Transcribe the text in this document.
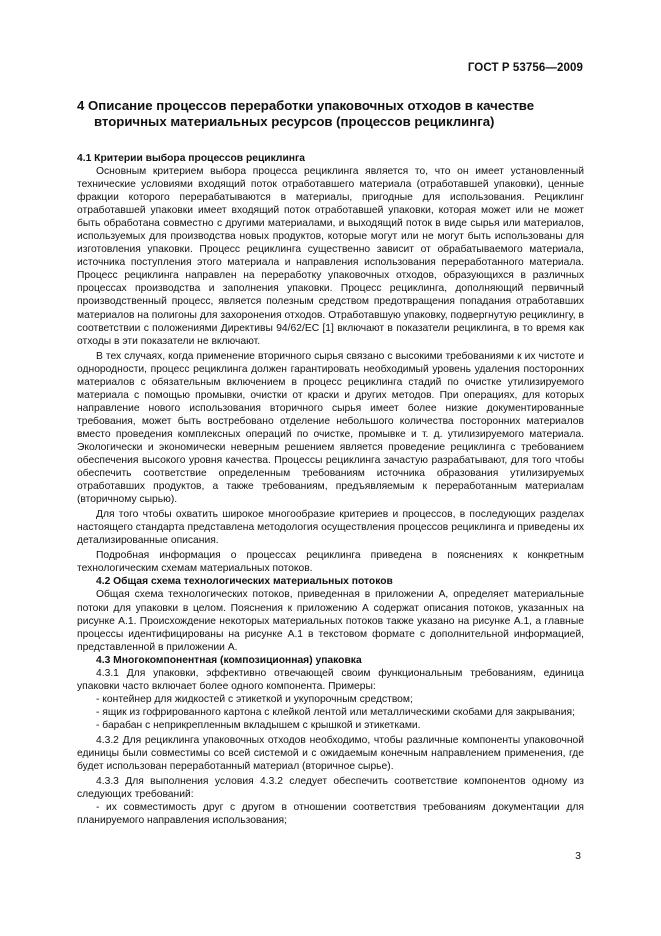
ГОСТ Р 53756—2009
4 Описание процессов переработки упаковочных отходов в качестве
вторичных материальных ресурсов (процессов рециклинга)
4.1 Критерии выбора процессов рециклинга

Основным критерием выбора процесса рециклинга является то, что он имеет установленный технические условиями входящий поток отработавшего материала (отработавшей упаковки), ценные фракции которого перерабатываются в материалы, пригодные для использования. Рециклинг отработавшей упаковки имеет входящий поток отработавшей упаковки, которая может или не может быть обработана совместно с другими материалами, и выходящий поток в виде сырья или материалов, используемых для производства новых продуктов, которые могут или не могут быть использованы для изготовления упаковки. Процесс рециклинга существенно зависит от обрабатываемого материала, источника поступления этого материала и направления использования переработанного материала. Процесс рециклинга направлен на переработку упаковочных отходов, образующихся в различных процессах производства и заполнения упаковки. Процесс рециклинга, дополняющий первичный производственный процесс, является полезным средством предотвращения попадания отработавших материалов на полигоны для захоронения отходов. Отработавшую упаковку, подвергнутую рециклингу, в соответствии с положениями Директивы 94/62/ЕС [1] включают в показатели рециклинга, в то время как отходы в эти показатели не включают.

В тех случаях, когда применение вторичного сырья связано с высокими требованиями к их чистоте и однородности, процесс рециклинга должен гарантировать необходимый уровень удаления посторонних материалов с обязательным включением в процесс рециклинга стадий по очистке утилизируемого материала с помощью промывки, очистки от краски и других методов. При операциях, для которых направление нового использования вторичного сырья имеет более низкие документированные требования, может быть востребовано отделение небольшого количества посторонних материалов вместо проведения комплексных операций по очистке, промывке и т. д. утилизируемого материала. Экологически и экономически неверным решением является проведение рециклинга с требованием обеспечения высокого уровня качества. Процессы рециклинга зачастую разрабатывают, для того чтобы обеспечить соответствие определенным требованиям источника образования утилизируемых отработавших продуктов, а также требованиям, предъявляемым к переработанным материалам (вторичному сырью).

Для того чтобы охватить широкое многообразие критериев и процессов, в последующих разделах настоящего стандарта представлена методология осуществления процессов рециклинга и приведены их детализированные описания.

Подробная информация о процессах рециклинга приведена в пояснениях к конкретным технологическим схемам материальных потоков.

4.2 Общая схема технологических материальных потоков

Общая схема технологических потоков, приведенная в приложении А, определяет материальные потоки для упаковки в целом. Пояснения к приложению А содержат описания потоков, указанных на рисунке А.1. Происхождение некоторых материальных потоков также указано на рисунке А.1, а главные процессы идентифицированы на рисунке А.1 в текстовом формате с дополнительной информацией, представленной в приложении А.

4.3 Многокомпонентная (композиционная) упаковка

4.3.1 Для упаковки, эффективно отвечающей своим функциональным требованиям, единица упаковки часто включает более одного компонента. Примеры:

- контейнер для жидкостей с этикеткой и укупорочным средством;

- ящик из гофрированного картона с клейкой лентой или металлическими скобами для закрывания;

- барабан с неприкрепленным вкладышем с крышкой и этикетками.

4.3.2 Для рециклинга упаковочных отходов необходимо, чтобы различные компоненты упаковочной единицы были совместимы со всей системой и с ожидаемым конечным направлением применения, где будет использован переработанный материал (вторичное сырье).

4.3.3 Для выполнения условия 4.3.2 следует обеспечить соответствие компонентов одному из следующих требований:

- их совместимость друг с другом в отношении соответствия требованиям документации для планируемого направления использования;

3
